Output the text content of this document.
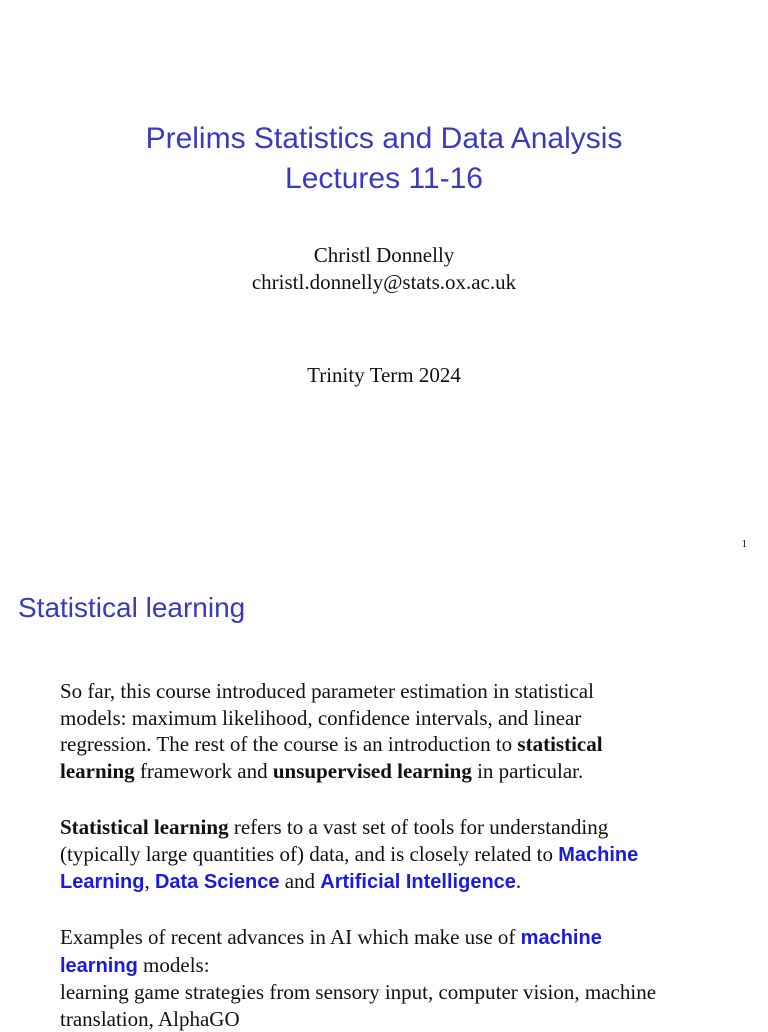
Prelims Statistics and Data Analysis
Lectures 11-16
Christl Donnelly
christl.donnelly@stats.ox.ac.uk
Trinity Term 2024
1
Statistical learning
So far, this course introduced parameter estimation in statistical
models: maximum likelihood, confidence intervals, and linear
regression. The rest of the course is an introduction to statistical
learning framework and unsupervised learning in particular.
Statistical learning refers to a vast set of tools for understanding
(typically large quantities of) data, and is closely related to Machine
Learning, Data Science and Artificial Intelligence.
Examples of recent advances in AI which make use of machine
learning models:
learning game strategies from sensory input, computer vision, machine
translation, AlphaGO
